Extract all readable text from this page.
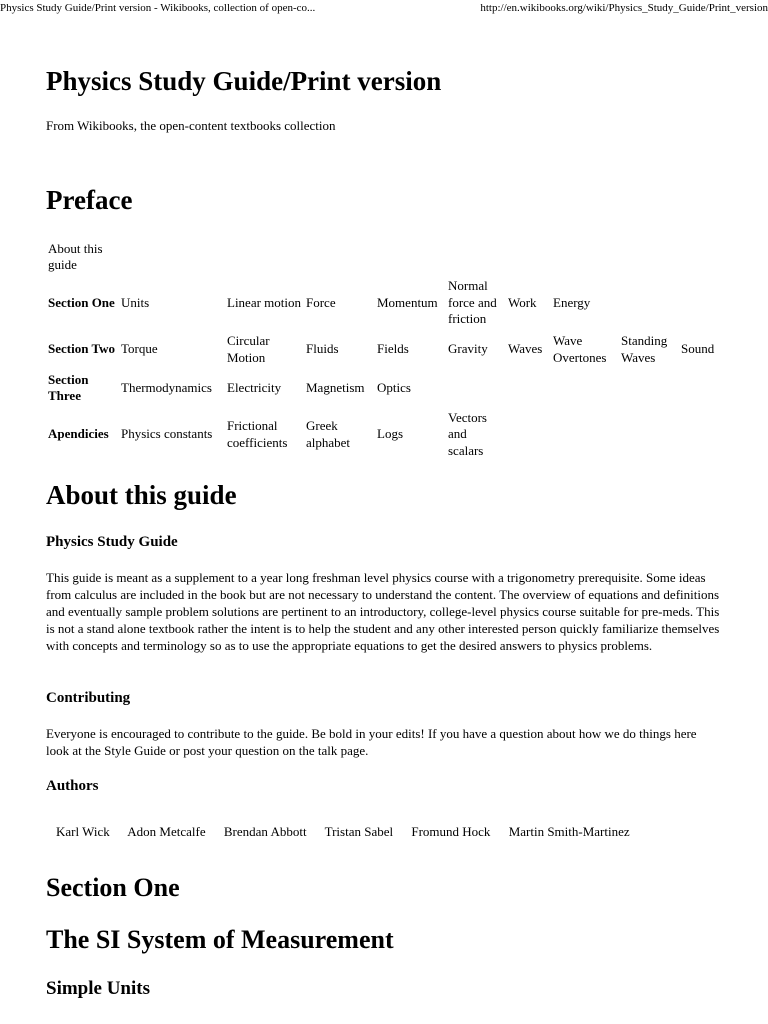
Physics Study Guide/Print version - Wikibooks, collection of open-co...	http://en.wikibooks.org/wiki/Physics_Study_Guide/Print_version
Physics Study Guide/Print version
From Wikibooks, the open-content textbooks collection
Preface
About this guide									
Section One	Units	Linear motion	Force	Momentum	Normal force and friction	Work	Energy		
Section Two	Torque	Circular Motion	Fluids	Fields	Gravity	Waves	Wave Overtones	Standing Waves	Sound
Section Three	Thermodynamics	Electricity	Magnetism	Optics					
Apendicies	Physics constants	Frictional coefficients	Greek alphabet	Logs	Vectors and scalars				
About this guide
Physics Study Guide

This guide is meant as a supplement to a year long freshman level physics course with a trigonometry prerequisite. Some ideas from calculus are included in the book but are not necessary to understand the content. The overview of equations and definitions and eventually sample problem solutions are pertinent to an introductory, college-level physics course suitable for pre-meds. This is not a stand alone textbook rather the intent is to help the student and any other interested person quickly familiarize themselves with concepts and terminology so as to use the appropriate equations to get the desired answers to physics problems.

Contributing

Everyone is encouraged to contribute to the guide. Be bold in your edits! If you have a question about how we do things here look at the Style Guide or post your question on the talk page.

Authors
Karl Wick Adon Metcalfe Brendan Abbott Tristan Sabel Fromund Hock Martin Smith-Martinez
Section One
The SI System of Measurement
Simple Units
